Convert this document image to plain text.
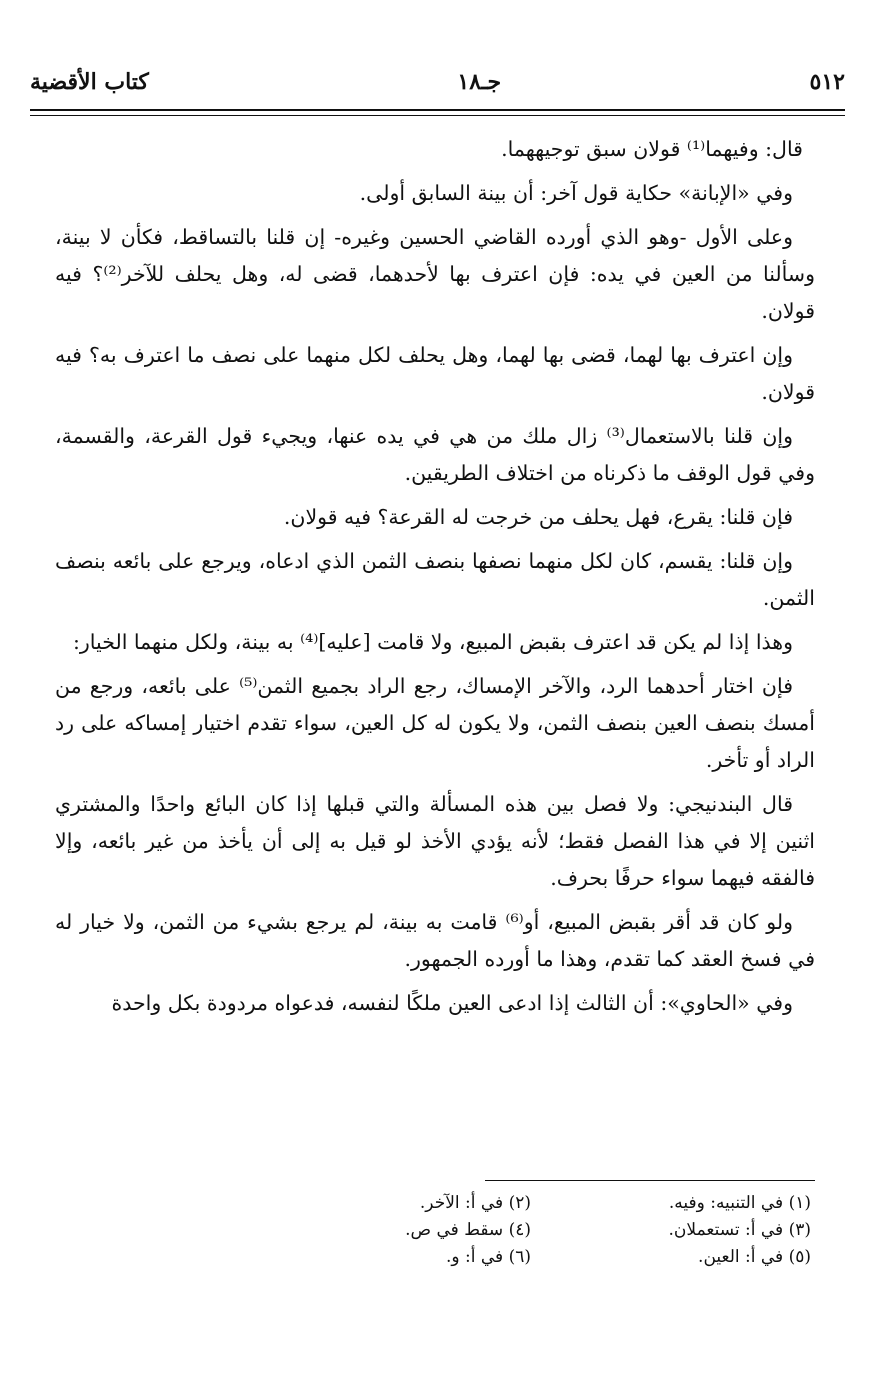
٥١٢
جـ١٨
كتاب الأقضية

قال: وفيهما⁽¹⁾ قولان سبق توجيههما.

وفي «الإبانة» حكاية قول آخر: أن بينة السابق أولى.

وعلى الأول -وهو الذي أورده القاضي الحسين وغيره- إن قلنا بالتساقط، فكأن لا بينة، وسألنا من العين في يده: فإن اعترف بها لأحدهما، قضى له، وهل يحلف للآخر⁽²⁾؟ فيه قولان.

وإن اعترف بها لهما، قضى بها لهما، وهل يحلف لكل منهما على نصف ما اعترف به؟ فيه قولان.

وإن قلنا بالاستعمال⁽³⁾ زال ملك من هي في يده عنها، ويجيء قول القرعة، والقسمة، وفي قول الوقف ما ذكرناه من اختلاف الطريقين.

فإن قلنا: يقرع، فهل يحلف من خرجت له القرعة؟ فيه قولان.

وإن قلنا: يقسم، كان لكل منهما نصفها بنصف الثمن الذي ادعاه، ويرجع على بائعه بنصف الثمن.

وهذا إذا لم يكن قد اعترف بقبض المبيع، ولا قامت [عليه]⁽⁴⁾ به بينة، ولكل منهما الخيار:

فإن اختار أحدهما الرد، والآخر الإمساك، رجع الراد بجميع الثمن⁽⁵⁾ على بائعه، ورجع من أمسك بنصف العين بنصف الثمن، ولا يكون له كل العين، سواء تقدم اختيار إمساكه على رد الراد أو تأخر.

قال البندنيجي: ولا فصل بين هذه المسألة والتي قبلها إذا كان البائع واحدًا والمشتري اثنين إلا في هذا الفصل فقط؛ لأنه يؤدي الأخذ لو قيل به إلى أن يأخذ من غير بائعه، وإلا فالفقه فيهما سواء حرفًا بحرف.

ولو كان قد أقر بقبض المبيع، أو⁽⁶⁾ قامت به بينة، لم يرجع بشيء من الثمن، ولا خيار له في فسخ العقد كما تقدم، وهذا ما أورده الجمهور.

وفي «الحاوي»: أن الثالث إذا ادعى العين ملكًا لنفسه، فدعواه مردودة بكل واحدة

(١) في التنبيه: وفيه.
(٢) في أ: الآخر.
(٣) في أ: تستعملان.
(٤) سقط في ص.
(٥) في أ: العين.
(٦) في أ: و.
